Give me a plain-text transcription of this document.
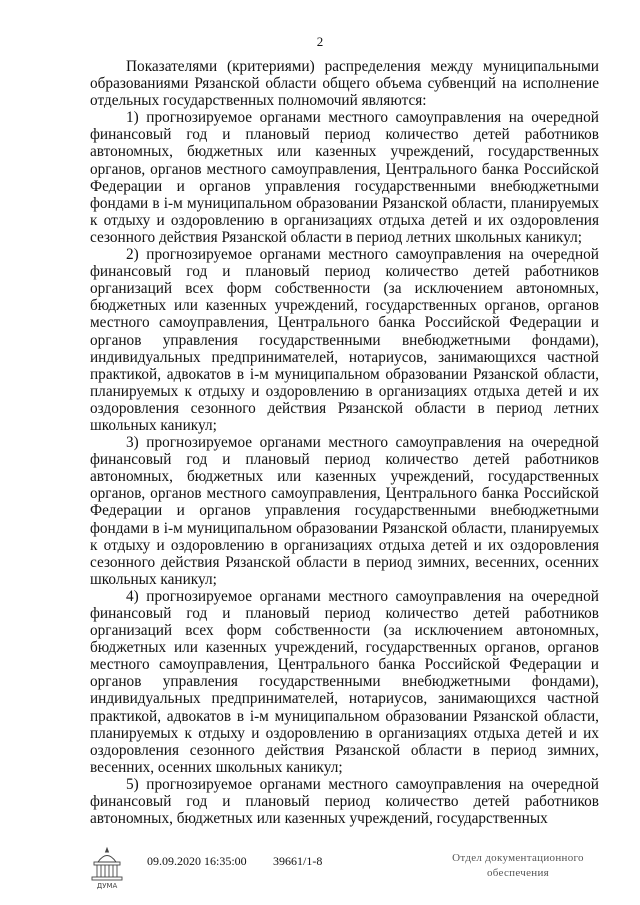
2

Показателями (критериями) распределения между муниципальными образованиями Рязанской области общего объема субвенций на исполнение отдельных государственных полномочий являются:

1) прогнозируемое органами местного самоуправления на очередной финансовый год и плановый период количество детей работников автономных, бюджетных или казенных учреждений, государственных органов, органов местного самоуправления, Центрального банка Российской Федерации и органов управления государственными внебюджетными фондами в i-м муниципальном образовании Рязанской области, планируемых к отдыху и оздоровлению в организациях отдыха детей и их оздоровления сезонного действия Рязанской области в период летних школьных каникул;

2) прогнозируемое органами местного самоуправления на очередной финансовый год и плановый период количество детей работников организаций всех форм собственности (за исключением автономных, бюджетных или казенных учреждений, государственных органов, органов местного самоуправления, Центрального банка Российской Федерации и органов управления государственными внебюджетными фондами), индивидуальных предпринимателей, нотариусов, занимающихся частной практикой, адвокатов в i-м муниципальном образовании Рязанской области, планируемых к отдыху и оздоровлению в организациях отдыха детей и их оздоровления сезонного действия Рязанской области в период летних школьных каникул;

3) прогнозируемое органами местного самоуправления на очередной финансовый год и плановый период количество детей работников автономных, бюджетных или казенных учреждений, государственных органов, органов местного самоуправления, Центрального банка Российской Федерации и органов управления государственными внебюджетными фондами в i-м муниципальном образовании Рязанской области, планируемых к отдыху и оздоровлению в организациях отдыха детей и их оздоровления сезонного действия Рязанской области в период зимних, весенних, осенних школьных каникул;

4) прогнозируемое органами местного самоуправления на очередной финансовый год и плановый период количество детей работников организаций всех форм собственности (за исключением автономных, бюджетных или казенных учреждений, государственных органов, органов местного самоуправления, Центрального банка Российской Федерации и органов управления государственными внебюджетными фондами), индивидуальных предпринимателей, нотариусов, занимающихся частной практикой, адвокатов в i-м муниципальном образовании Рязанской области, планируемых к отдыху и оздоровлению в организациях отдыха детей и их оздоровления сезонного действия Рязанской области в период зимних, весенних, осенних школьных каникул;

5) прогнозируемое органами местного самоуправления на очередной финансовый год и плановый период количество детей работников автономных, бюджетных или казенных учреждений, государственных

ДУМА
09.09.2020 16:35:00 39661/1-8	Отдел документационного
обеспечения
